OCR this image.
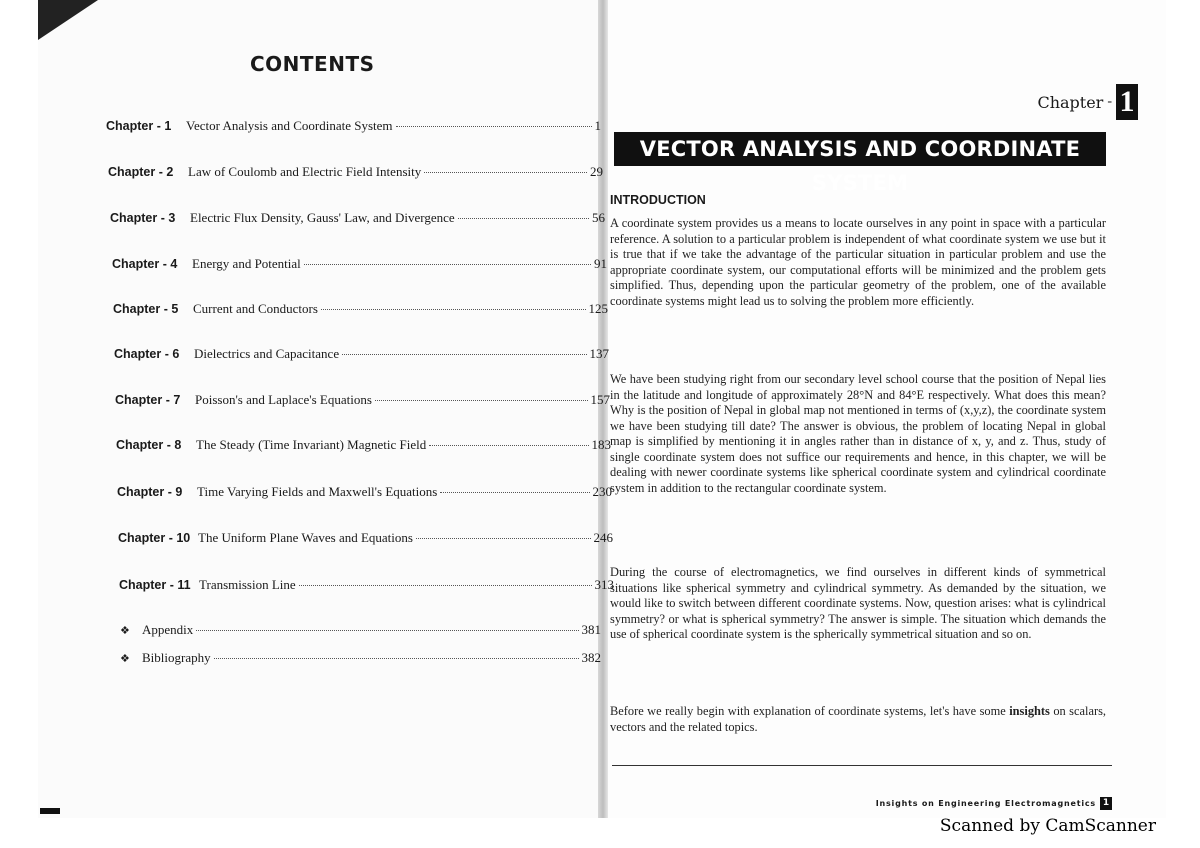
CONTENTS
Chapter - 1	Vector Analysis and Coordinate System	1
Chapter - 2	Law of Coulomb and Electric Field Intensity	29
Chapter - 3	Electric Flux Density, Gauss' Law, and Divergence	56
Chapter - 4	Energy and Potential	91
Chapter - 5	Current and Conductors	125
Chapter - 6	Dielectrics and Capacitance	137
Chapter - 7	Poisson's and Laplace's Equations	157
Chapter - 8	The Steady (Time Invariant) Magnetic Field	183
Chapter - 9	Time Varying Fields and Maxwell's Equations	230
Chapter - 10 The Uniform Plane Waves and Equations	246
Chapter - 11 Transmission Line	313
❖ Appendix	381
❖ Bibliography	382
Chapter - 1
VECTOR ANALYSIS AND COORDINATE SYSTEM
INTRODUCTION

A coordinate system provides us a means to locate ourselves in any point in space with a particular reference. A solution to a particular problem is independent of what coordinate system we use but it is true that if we take the advantage of the particular situation in particular problem and use the appropriate coordinate system, our computational efforts will be minimized and the problem gets simplified. Thus, depending upon the particular geometry of the problem, one of the available coordinate systems might lead us to solving the problem more efficiently.

We have been studying right from our secondary level school course that the position of Nepal lies in the latitude and longitude of approximately 28°N and 84°E respectively. What does this mean? Why is the position of Nepal in global map not mentioned in terms of (x,y,z), the coordinate system we have been studying till date? The answer is obvious, the problem of locating Nepal in global map is simplified by mentioning it in angles rather than in distance of x, y, and z. Thus, study of single coordinate system does not suffice our requirements and hence, in this chapter, we will be dealing with newer coordinate systems like spherical coordinate system and cylindrical coordinate system in addition to the rectangular coordinate system.

During the course of electromagnetics, we find ourselves in different kinds of symmetrical situations like spherical symmetry and cylindrical symmetry. As demanded by the situation, we would like to switch between different coordinate systems. Now, question arises: what is cylindrical symmetry? or what is spherical symmetry? The answer is simple. The situation which demands the use of spherical coordinate system is the spherically symmetrical situation and so on.

Before we really begin with explanation of coordinate systems, let's have some insights on scalars, vectors and the related topics.

Insights on Engineering Electromagnetics 1
Scanned by CamScanner
